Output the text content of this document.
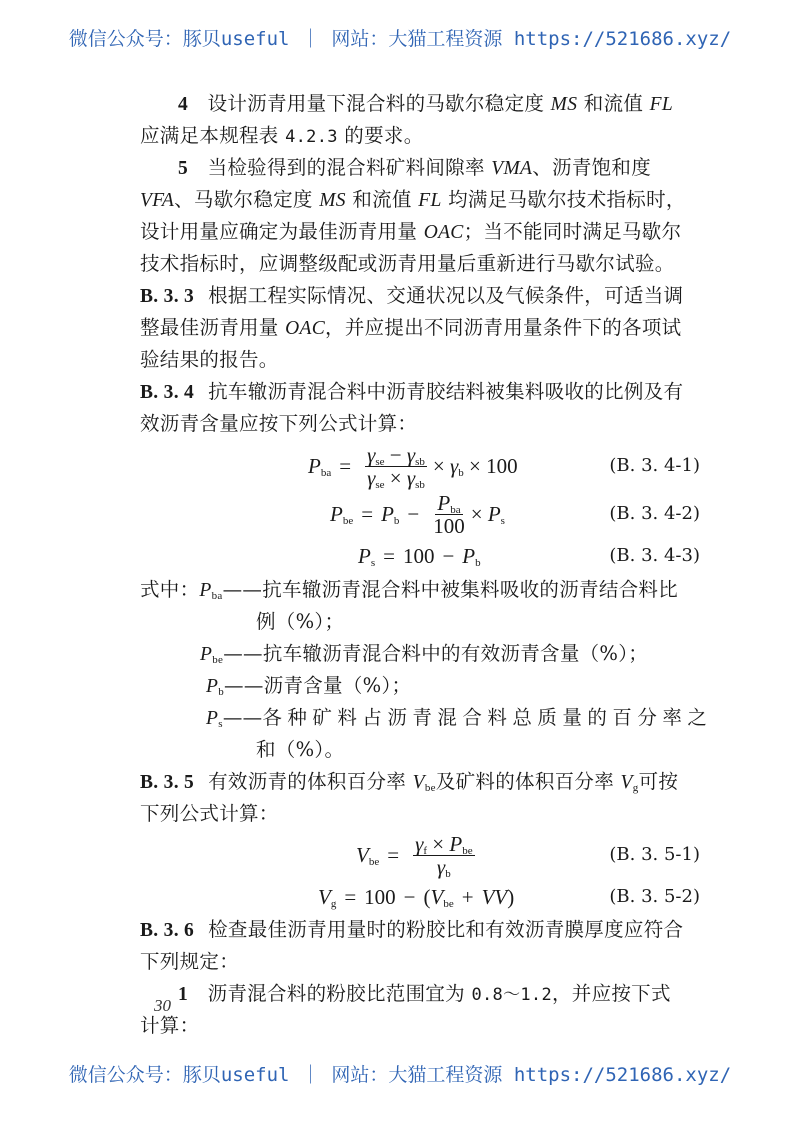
微信公众号：豚贝useful ｜ 网站：大猫工程资源 https://521686.xyz/
4 设计沥青用量下混合料的马歇尔稳定度 MS 和流值 FL
应满足本规程表 4.2.3 的要求。
5 当检验得到的混合料矿料间隙率 VMA、沥青饱和度
VFA、马歇尔稳定度 MS 和流值 FL 均满足马歇尔技术指标时，
设计用量应确定为最佳沥青用量 OAC；当不能同时满足马歇尔
技术指标时，应调整级配或沥青用量后重新进行马歇尔试验。
B. 3. 3 根据工程实际情况、交通状况以及气候条件，可适当调
整最佳沥青用量 OAC，并应提出不同沥青用量条件下的各项试
验结果的报告。
B. 3. 4 抗车辙沥青混合料中沥青胶结料被集料吸收的比例及有
效沥青含量应按下列公式计算：
$P_{ba} = \frac{\gamma_{se} - \gamma_{sb}}{\gamma_{se} \times \gamma_{sb}} \times \gamma_b \times 100$	(B. 3. 4-1)
$P_{be} = P_b - \frac{P_{ba}}{100} \times P_s$	(B. 3. 4-2)
$P_s = 100 - P_b$	(B. 3. 4-3)
式中：$P_{ba}——$抗车辙沥青混合料中被集料吸收的沥青结合料比
例（%）；
$P_{be}——$抗车辙沥青混合料中的有效沥青含量（%）；
$P_b——$沥青含量（%）；
$P_s——$各种矿料占沥青混合料总质量的百分率之
和（%）。
B. 3. 5 有效沥青的体积百分率 $V_{be}$及矿料的体积百分率 $V_g$可按
下列公式计算：
$V_{be} = \frac{\gamma_f \times P_{be}}{\gamma_b}$	(B. 3. 5-1)
$V_g = 100$ − ( $V_{be}$ + VV )	(B. 3. 5-2)
B. 3. 6 检查最佳沥青用量时的粉胶比和有效沥青膜厚度应符合
下列规定：
1 沥青混合料的粉胶比范围宜为 0.8～1.2，并应按下式
计算：
30
微信公众号：豚贝useful ｜ 网站：大猫工程资源 https://521686.xyz/
